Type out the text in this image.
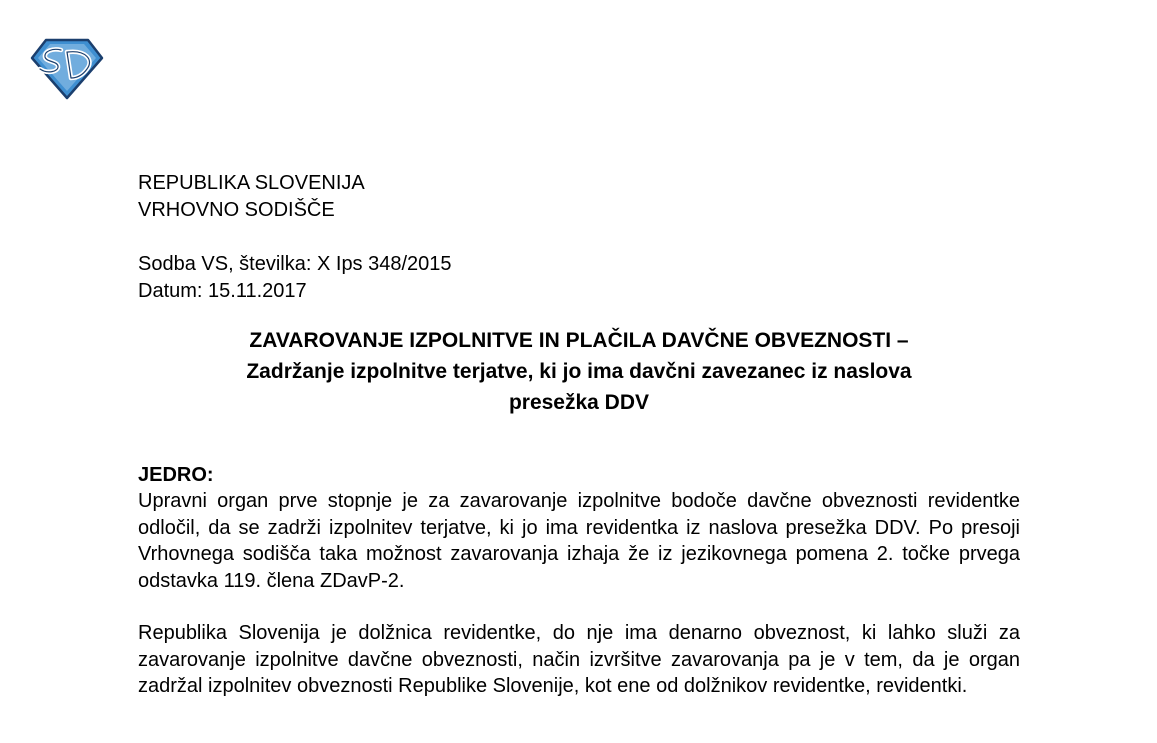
REPUBLIKA SLOVENIJA
VRHOVNO SODIŠČE
Sodba VS, številka: X Ips 348/2015
Datum: 15.11.2017
ZAVAROVANJE IZPOLNITVE IN PLAČILA DAVČNE OBVEZNOSTI –
Zadržanje izpolnitve terjatve, ki jo ima davčni zavezanec iz naslova
presežka DDV
JEDRO:

Upravni organ prve stopnje je za zavarovanje izpolnitve bodoče davčne obveznosti revidentke odločil, da se zadrži izpolnitev terjatve, ki jo ima revidentka iz naslova presežka DDV. Po presoji Vrhovnega sodišča taka možnost zavarovanja izhaja že iz jezikovnega pomena 2. točke prvega odstavka 119. člena ZDavP-2.

Republika Slovenija je dolžnica revidentke, do nje ima denarno obveznost, ki lahko služi za zavarovanje izpolnitve davčne obveznosti, način izvršitve zavarovanja pa je v tem, da je organ zadržal izpolnitev obveznosti Republike Slovenije, kot ene od dolžnikov revidentke, revidentki.
